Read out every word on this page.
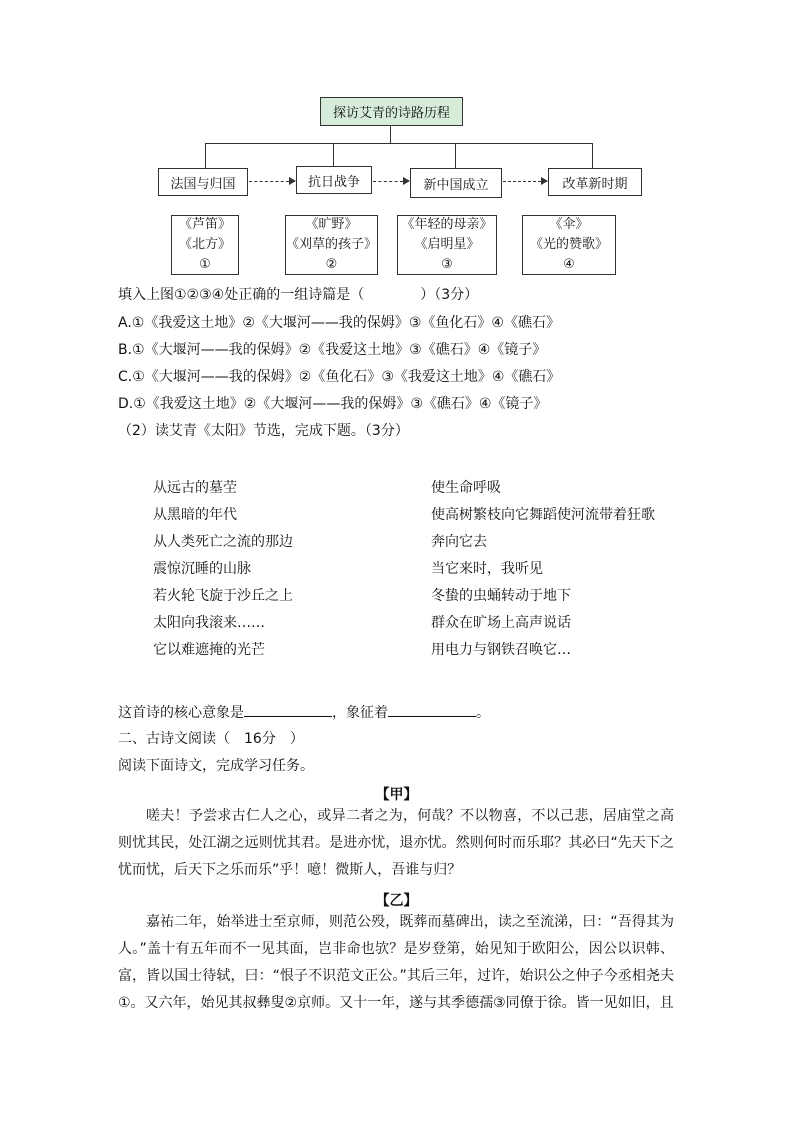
探访艾青的诗路历程
法国与归国	抗日战争	新中国成立	改革新时期
《芦笛》
《北方》
①
《旷野》
《刈草的孩子》
②
《年轻的母亲》
《启明星》
③
《伞》
《光的赞歌》
④
填入上图①②③④处正确的一组诗篇是（　　　　）（3分）
A.①《我爱这土地》②《大堰河——我的保姆》③《鱼化石》④《礁石》
B.①《大堰河——我的保姆》②《我爱这土地》③《礁石》④《镜子》
C.①《大堰河——我的保姆》②《鱼化石》③《我爱这土地》④《礁石》
D.①《我爱这土地》②《大堰河——我的保姆》③《礁石》④《镜子》
（2）读艾青《太阳》节选，完成下题。（3分）
从远古的墓茔
从黑暗的年代
从人类死亡之流的那边
震惊沉睡的山脉
若火轮飞旋于沙丘之上
太阳向我滚来……
它以难遮掩的光芒
使生命呼吸
使高树繁枝向它舞蹈使河流带着狂歌
奔向它去
当它来时，我听见
冬蛰的虫蛹转动于地下
群众在旷场上高声说话
用电力与钢铁召唤它…
这首诗的核心意象是	，象征着	。
二、古诗文阅读（　16分　）
阅读下面诗文，完成学习任务。
【甲】
嗟夫！予尝求古仁人之心，或异二者之为，何哉？不以物喜，不以己悲，居庙堂之高则忧其民，处江湖之远则忧其君。是进亦忧，退亦忧。然则何时而乐耶？其必曰“先天下之忧而忧，后天下之乐而乐”乎！噫！微斯人，吾谁与归？
【乙】
嘉祐二年，始举进士至京师，则范公殁，既葬而墓碑出，读之至流涕，曰：“吾得其为人。”盖十有五年而不一见其面，岂非命也欤？是岁登第，始见知于欧阳公，因公以识韩、富，皆以国士待轼，曰：“恨子不识范文正公。”其后三年，过许，始识公之仲子今丞相尧夫①。又六年，始见其叔彝叟②京师。又十一年，遂与其季德孺③同僚于徐。皆一见如旧，且
